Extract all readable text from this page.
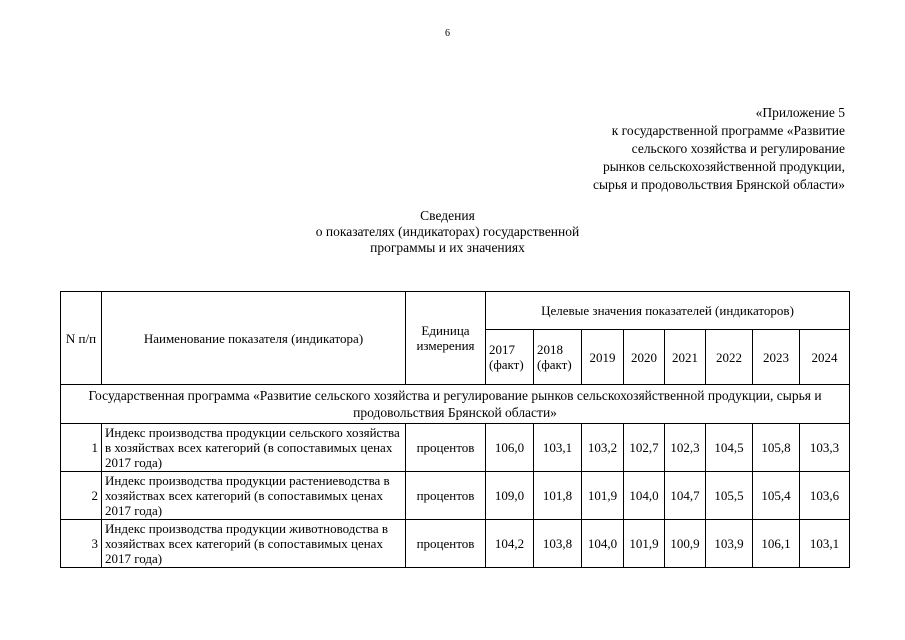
6
«Приложение 5
к государственной программе «Развитие
сельского хозяйства и регулирование
рынков сельскохозяйственной продукции,
сырья и продовольствия Брянской области»
Сведения
о показателях (индикаторах) государственной
программы и их значениях
N п/п	Наименование показателя (индикатора)	Единица измерения	Целевые значения показателей (индикаторов)							
			2017 (факт)	2018 (факт)	2019	2020	2021	2022	2023	2024
Государственная программа «Развитие сельского хозяйства и регулирование рынков сельскохозяйственной продукции, сырья и продовольствия Брянской области»										
1	Индекс производства продукции сельского хозяйства в хозяйствах всех категорий (в сопоставимых ценах 2017 года)	процентов	106,0	103,1	103,2	102,7	102,3	104,5	105,8	103,3
2	Индекс производства продукции растениеводства в хозяйствах всех категорий (в сопоставимых ценах 2017 года)	процентов	109,0	101,8	101,9	104,0	104,7	105,5	105,4	103,6
3	Индекс производства продукции животноводства в хозяйствах всех категорий (в сопоставимых ценах 2017 года)	процентов	104,2	103,8	104,0	101,9	100,9	103,9	106,1	103,1
